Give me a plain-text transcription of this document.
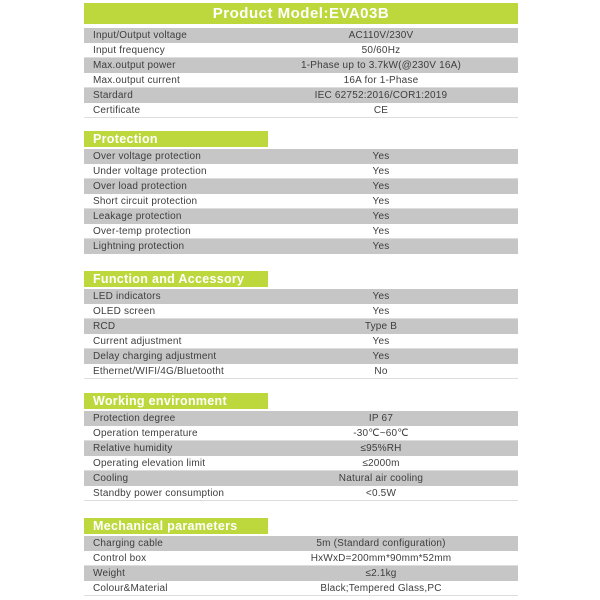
Product Model:EVA03B
Input/Output voltage	AC110V/230V
Input frequency	50/60Hz
Max.output power	1-Phase up to 3.7kW(@230V 16A)
Max.output current	16A for 1-Phase
Stardard	IEC 62752:2016/COR1:2019
Certificate	CE
Protection
Over voltage protection	Yes
Under voltage protection	Yes
Over load protection	Yes
Short circuit protection	Yes
Leakage protection	Yes
Over-temp protection	Yes
Lightning protection	Yes
Function and Accessory
LED indicators	Yes
OLED screen	Yes
RCD	Type B
Current adjustment	Yes
Delay charging adjustment	Yes
Ethernet/WIFI/4G/Bluetootht	No
Working environment
Protection degree	IP 67
Operation temperature	-30℃~60℃
Relative humidity	≤95%RH
Operating elevation limit	≤2000m
Cooling	Natural air cooling
Standby power consumption	<0.5W
Mechanical parameters
Charging cable	5m (Standard configuration)
Control box	HxWxD=200mm*90mm*52mm
Weight	≤2.1kg
Colour&Material	Black;Tempered Glass,PC
